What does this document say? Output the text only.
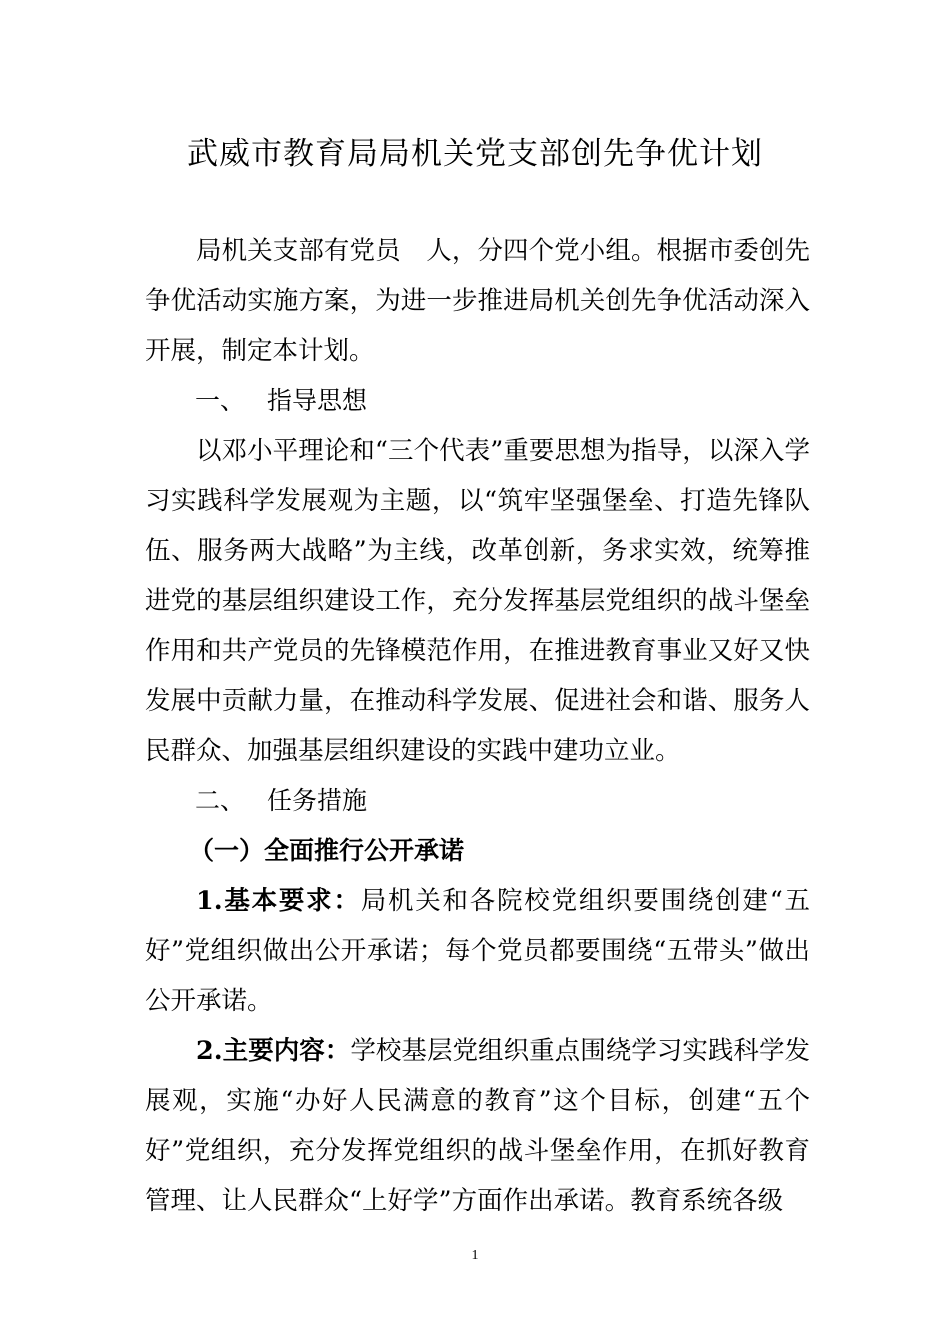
武威市教育局局机关党支部创先争优计划

局机关支部有党员　人，分四个党小组。根据市委创先争优活动实施方案，为进一步推进局机关创先争优活动深入开展，制定本计划。

一、 指导思想

以邓小平理论和“三个代表”重要思想为指导，以深入学习实践科学发展观为主题，以“筑牢坚强堡垒、打造先锋队伍、服务两大战略”为主线，改革创新，务求实效，统筹推进党的基层组织建设工作，充分发挥基层党组织的战斗堡垒作用和共产党员的先锋模范作用，在推进教育事业又好又快发展中贡献力量，在推动科学发展、促进社会和谐、服务人民群众、加强基层组织建设的实践中建功立业。

二、 任务措施
（一）全面推行公开承诺

1.基本要求：局机关和各院校党组织要围绕创建“五好”党组织做出公开承诺；每个党员都要围绕“五带头”做出公开承诺。

2.主要内容：学校基层党组织重点围绕学习实践科学发展观，实施“办好人民满意的教育”这个目标，创建“五个好”党组织，充分发挥党组织的战斗堡垒作用，在抓好教育管理、让人民群众“上好学”方面作出承诺。教育系统各级

1
